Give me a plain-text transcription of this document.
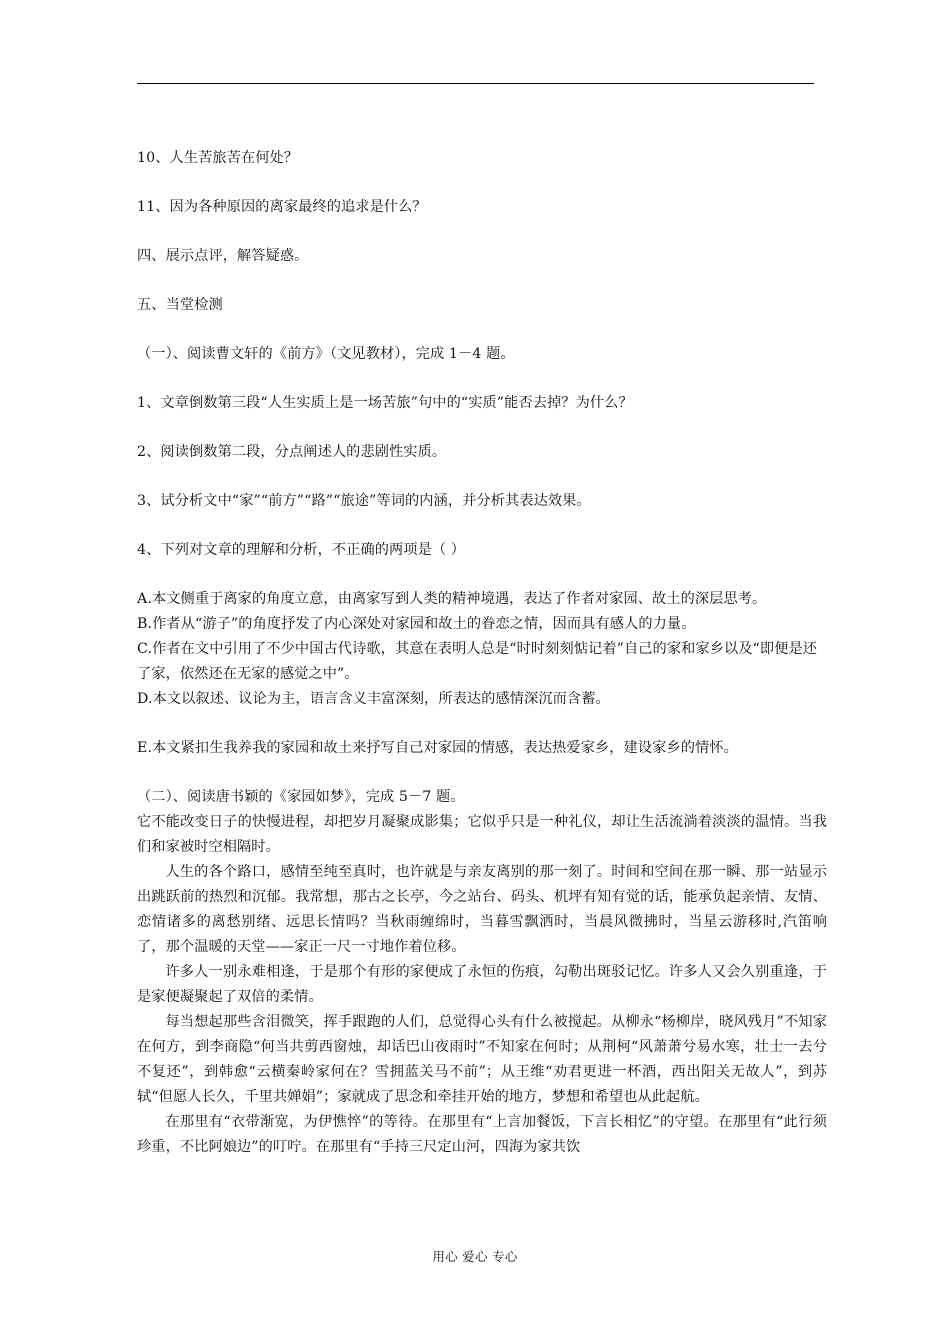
10、人生苦旅苦在何处？

11、因为各种原因的离家最终的追求是什么？

四、展示点评，解答疑惑。

五、当堂检测

（一）、阅读曹文轩的《前方》（文见教材），完成 1－4 题。

1、文章倒数第三段“人生实质上是一场苦旅”句中的“实质”能否去掉？为什么？

2、阅读倒数第二段，分点阐述人的悲剧性实质。

3、试分析文中“家”“前方”“路”“旅途”等词的内涵，并分析其表达效果。

4、下列对文章的理解和分析，不正确的两项是（ ）

A.本文侧重于离家的角度立意，由离家写到人类的精神境遇，表达了作者对家园、故土的深层思考。

B.作者从“游子”的角度抒发了内心深处对家园和故土的眷恋之情，因而具有感人的力量。

C.作者在文中引用了不少中国古代诗歌，其意在表明人总是“时时刻刻惦记着”自己的家和家乡以及“即便是还了家，依然还在无家的感觉之中”。

D.本文以叙述、议论为主，语言含义丰富深刻，所表达的感情深沉而含蓄。

E.本文紧扣生我养我的家园和故土来抒写自己对家园的情感，表达热爱家乡，建设家乡的情怀。

（二）、阅读唐书颖的《家园如梦》，完成 5－7 题。

它不能改变日子的快慢进程，却把岁月凝聚成影集；它似乎只是一种礼仪，却让生活流淌着淡淡的温情。当我们和家被时空相隔时。

人生的各个路口，感情至纯至真时，也许就是与亲友离别的那一刻了。时间和空间在那一瞬、那一站显示出跳跃前的热烈和沉郁。我常想，那古之长亭，今之站台、码头、机坪有知有觉的话，能承负起亲情、友情、恋情诸多的离愁别绪、远思长情吗？当秋雨缠绵时，当暮雪飘洒时，当晨风微拂时，当星云游移时,汽笛响了，那个温暖的天堂——家正一尺一寸地作着位移。

许多人一别永难相逢，于是那个有形的家便成了永恒的伤痕，勾勒出斑驳记忆。许多人又会久别重逢，于是家便凝聚起了双倍的柔情。

每当想起那些含泪微笑，挥手跟跑的人们，总觉得心头有什么被搅起。从柳永“杨柳岸，晓风残月”不知家在何方，到李商隐“何当共剪西窗烛，却话巴山夜雨时”不知家在何时；从荆柯“风萧萧兮易水寒，壮士一去兮不复还”，到韩愈“云横秦岭家何在？雪拥蓝关马不前”；从王维“劝君更进一杯酒，西出阳关无故人”，到苏轼“但愿人长久，千里共婵娟”；家就成了思念和牵挂开始的地方，梦想和希望也从此起航。

在那里有“衣带渐宽，为伊憔悴”的等待。在那里有“上言加餐饭，下言长相忆”的守望。在那里有“此行须珍重，不比阿娘边”的叮咛。在那里有“手持三尺定山河，四海为家共饮

用心 爱心 专心
